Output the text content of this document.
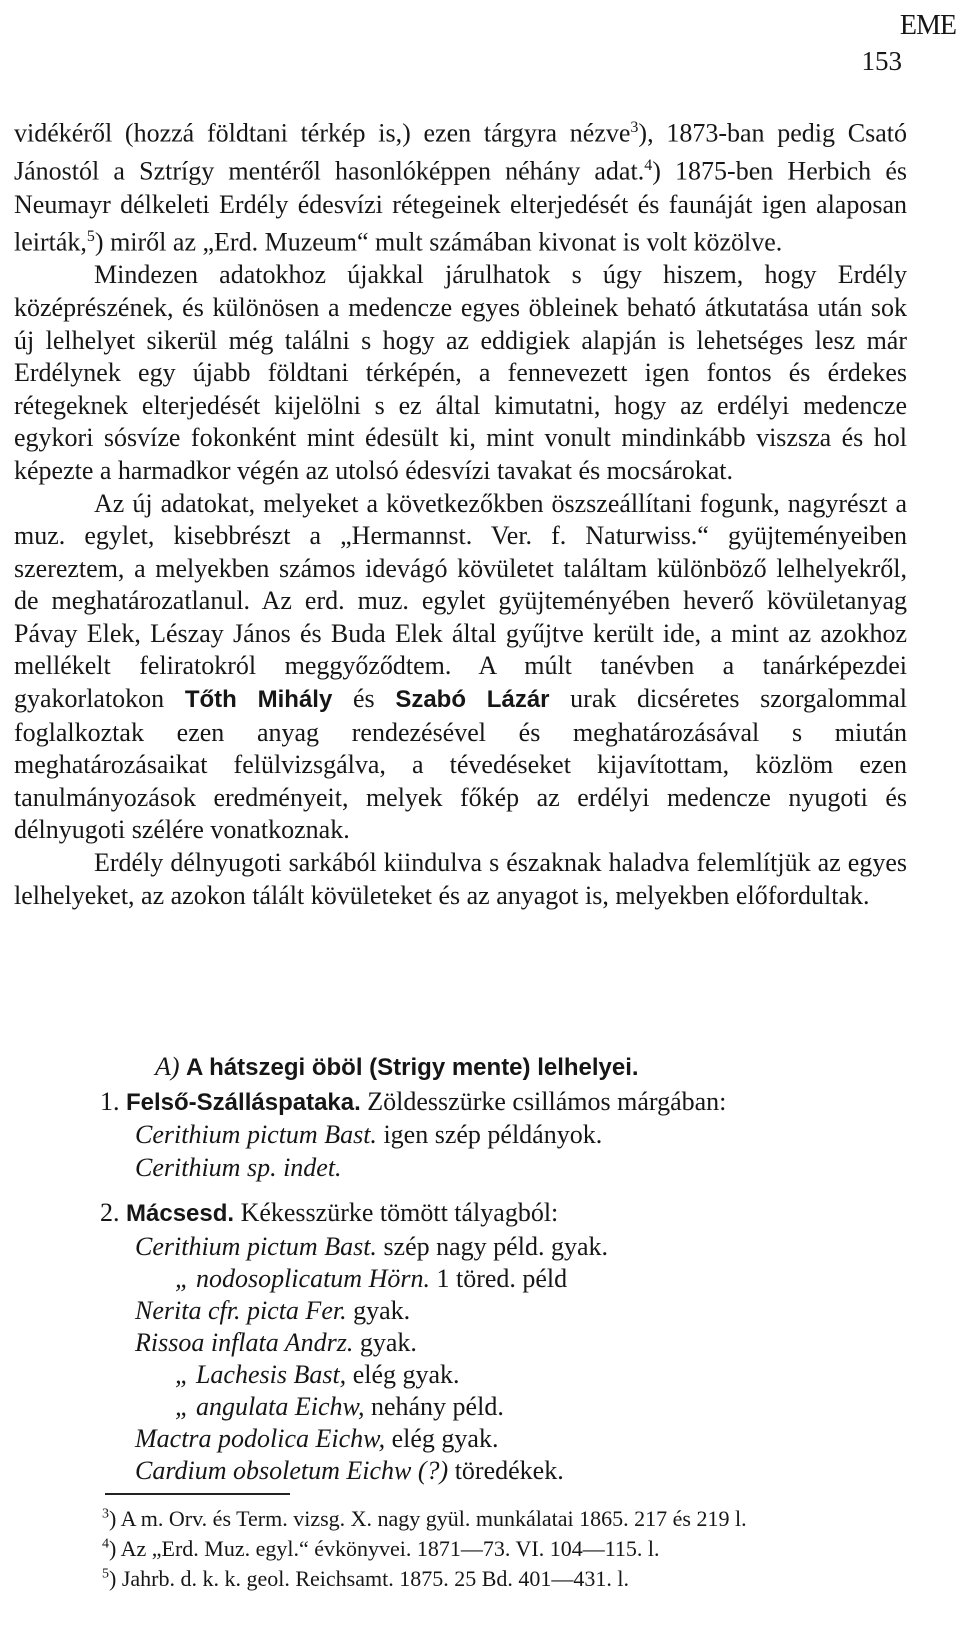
EME
153

vidékéről (hozzá földtani térkép is,) ezen tárgyra nézve$^3$), 1873-ban pedig Csató Jánostól a Sztrígy mentéről hasonlóképpen néhány adat.$^4$) 1875-ben Herbich és Neumayr délkeleti Erdély édesvízi rétegeinek elterjedését és faunáját igen alaposan leirták,$^5$) miről az „Erd. Muzeum“ mult számában kivonat is volt közölve.

Mindezen adatokhoz újakkal járulhatok s úgy hiszem, hogy Erdély középrészének, és különösen a medencze egyes öbleinek beható átkutatása után sok új lelhelyet sikerül még találni s hogy az eddigiek alapján is lehetséges lesz már Erdélynek egy újabb földtani térképén, a fennevezett igen fontos és érdekes rétegeknek elterjedését kijelölni s ez által kimutatni, hogy az erdélyi medencze egykori sósvíze fokonként mint édesült ki, mint vonult mindinkább viszsza és hol képezte a harmadkor végén az utolsó édesvízi tavakat és mocsárokat.

Az új adatokat, melyeket a következőkben öszszeállítani fogunk, nagyrészt a muz. egylet, kisebbrészt a „Hermannst. Ver. f. Naturwiss.“ gyüjteményeiben szereztem, a melyekben számos idevágó kövületet találtam különböző lelhelyekről, de meghatározatlanul. Az erd. muz. egylet gyüjteményében heverő kövületanyag Pávay Elek, Lészay János és Buda Elek által gyűjtve került ide, a mint az azokhoz mellékelt feliratokról meggyőződtem. A múlt tanévben a tanárképezdei gyakorlatokon Tőth Mihály és Szabó Lázár urak dicséretes szorgalommal foglalkoztak ezen anyag rendezésével és meghatározásával s miután meghatározásaikat felülvizsgálva, a tévedéseket kijavítottam, közlöm ezen tanulmányozások eredményeit, melyek főkép az erdélyi medencze nyugoti és délnyugoti szélére vonatkoznak.

Erdély délnyugoti sarkából kiindulva s északnak haladva felemlítjük az egyes lelhelyeket, az azokon tálált kövületeket és az anyagot is, melyekben előfordultak.

A) A hátszegi öböl (Strigy mente) lelhelyei.
1. Felső-Szálláspataka. Zöldesszürke csillámos márgában:
Cerithium pictum Bast. igen szép példányok.
Cerithium sp. indet.
2. Mácsesd. Kékesszürke tömött tályagból:
Cerithium pictum Bast. szép nagy péld. gyak.
„ nodosoplicatum Hörn. 1 töred. péld
Nerita cfr. picta Fer. gyak.
Rissoa inflata Andrz. gyak.
„ Lachesis Bast, elég gyak.
„ angulata Eichw, nehány péld.
Mactra podolica Eichw, elég gyak.
Cardium obsoletum Eichw (?) töredékek.
$^3$) A m. Orv. és Term. vizsg. X. nagy gyül. munkálatai 1865. 217 és 219 l.
$^4$) Az „Erd. Muz. egyl.“ évkönyvei. 1871—73. VI. 104—115. l.
$^5$) Jahrb. d. k. k. geol. Reichsamt. 1875. 25 Bd. 401—431. l.
